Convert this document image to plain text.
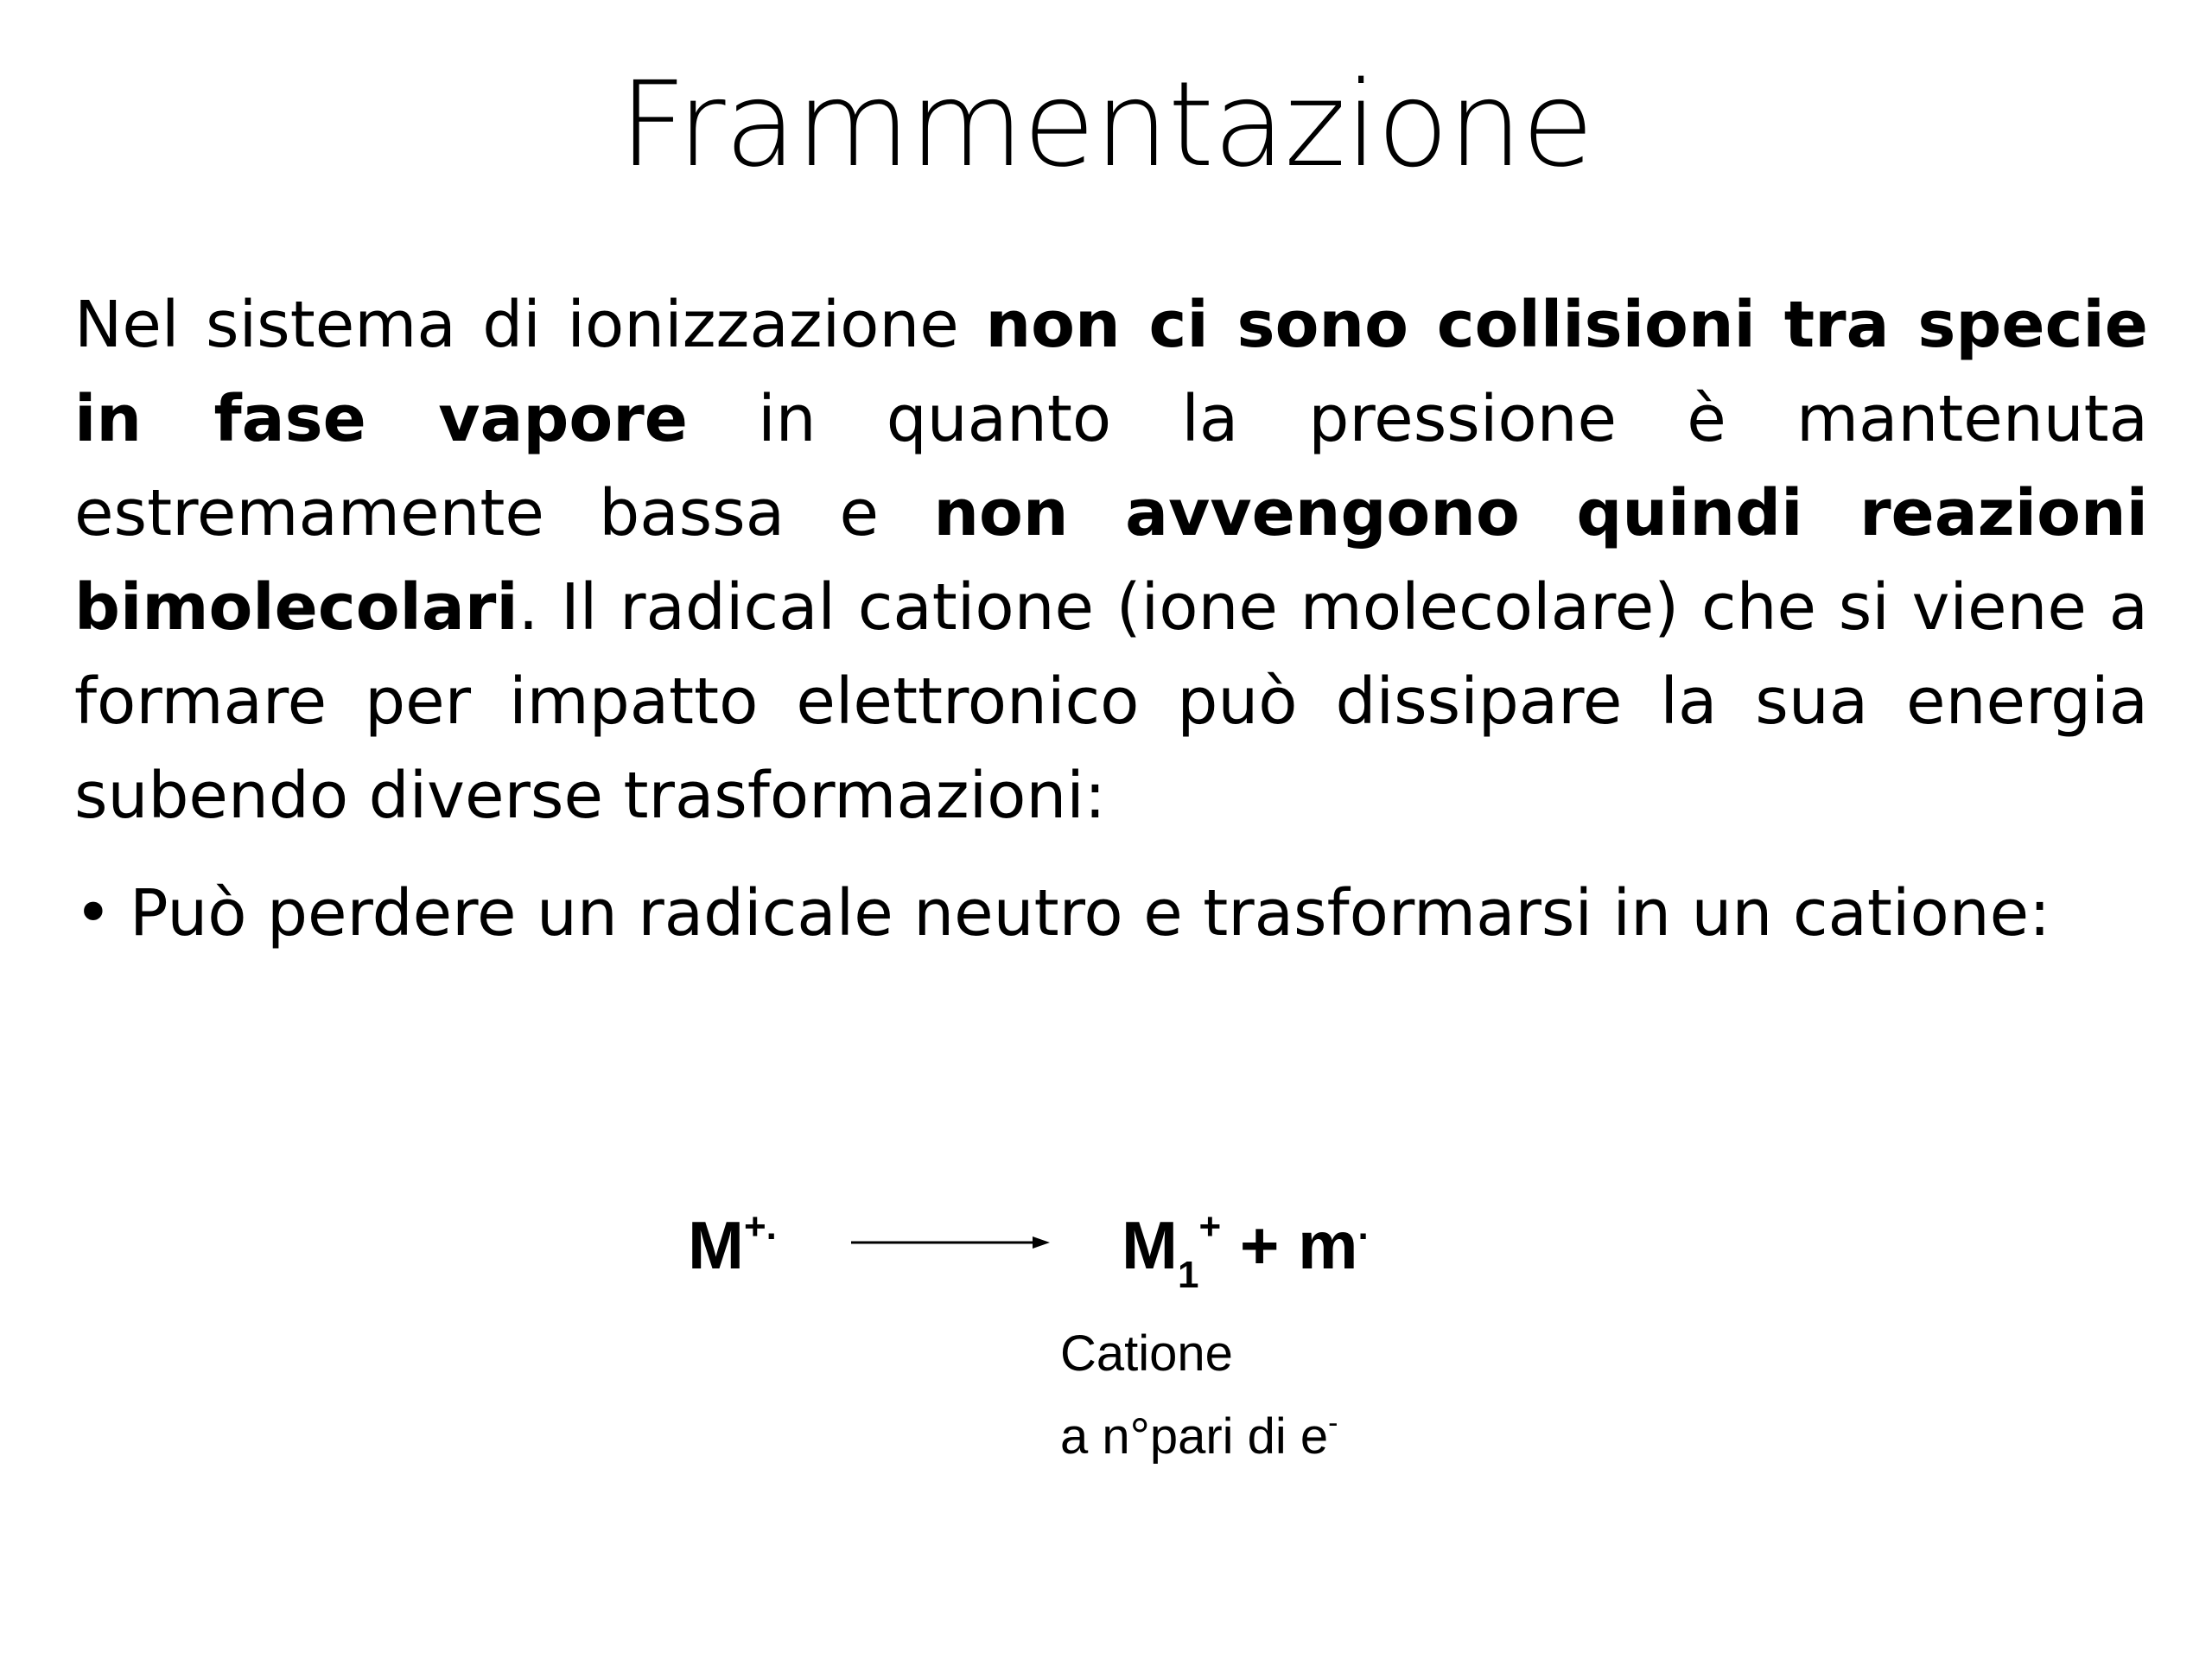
Frammentazione
Nel sistema di ionizzazione non ci sono collisioni tra specie in fase vapore in quanto la pressione è mantenuta estremamente bassa e non avvengono quindi reazioni bimolecolari. Il radical catione (ione molecolare) che si viene a formare per impatto elettronico può dissipare la sua energia subendo diverse trasformazioni:
• Può perdere un radicale neutro e trasformarsi in un catione:
$M^{+.} \to M_1^+ + m^.$
Catione
a n°pari di e-
